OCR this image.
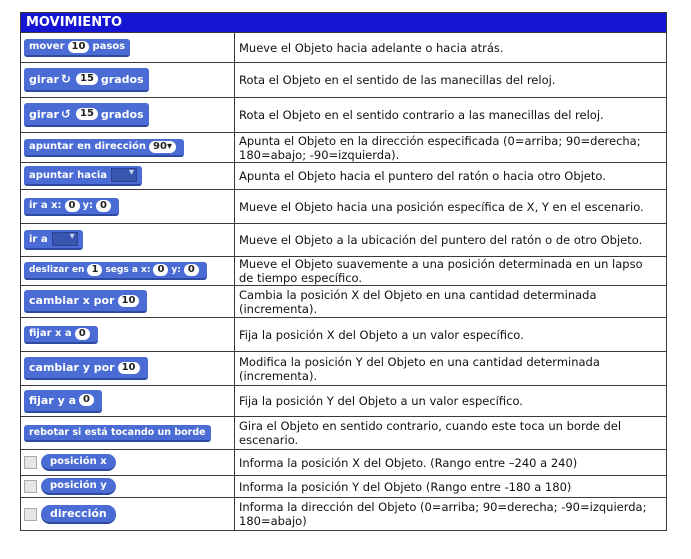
MOVIMIENTO
mover 10 pasos	Mueve el Objeto hacia adelante o hacia atrás.
girar ↻ 15 grados	Rota el Objeto en el sentido de las manecillas del reloj.
girar ↺ 15 grados	Rota el Objeto en el sentido contrario a las manecillas del reloj.
apuntar en dirección 90▾	Apunta el Objeto en la dirección especificada (0=arriba; 90=derecha; 180=abajo; -90=izquierda).
apuntar hacia ▾	Apunta el Objeto hacia el puntero del ratón o hacia otro Objeto.
ir a x: 0 y: 0	Mueve el Objeto hacia una posición específica de X, Y en el escenario.
ir a ▾	Mueve el Objeto a la ubicación del puntero del ratón o de otro Objeto.
deslizar en 1 segs a x: 0 y: 0	Mueve el Objeto suavemente a una posición determinada en un lapso de tiempo específico.
cambiar x por 10	Cambia la posición X del Objeto en una cantidad determinada (incrementa).
fijar x a 0	Fija la posición X del Objeto a un valor específico.
cambiar y por 10	Modifica la posición Y del Objeto en una cantidad determinada (incrementa).
fijar y a 0	Fija la posición Y del Objeto a un valor específico.
rebotar si está tocando un borde	Gira el Objeto en sentido contrario, cuando este toca un borde del escenario.
posición x	Informa la posición X del Objeto. (Rango entre –240 a 240)
posición y	Informa la posición Y del Objeto (Rango entre -180 a 180)
dirección	Informa la dirección del Objeto (0=arriba; 90=derecha; -90=izquierda; 180=abajo)
